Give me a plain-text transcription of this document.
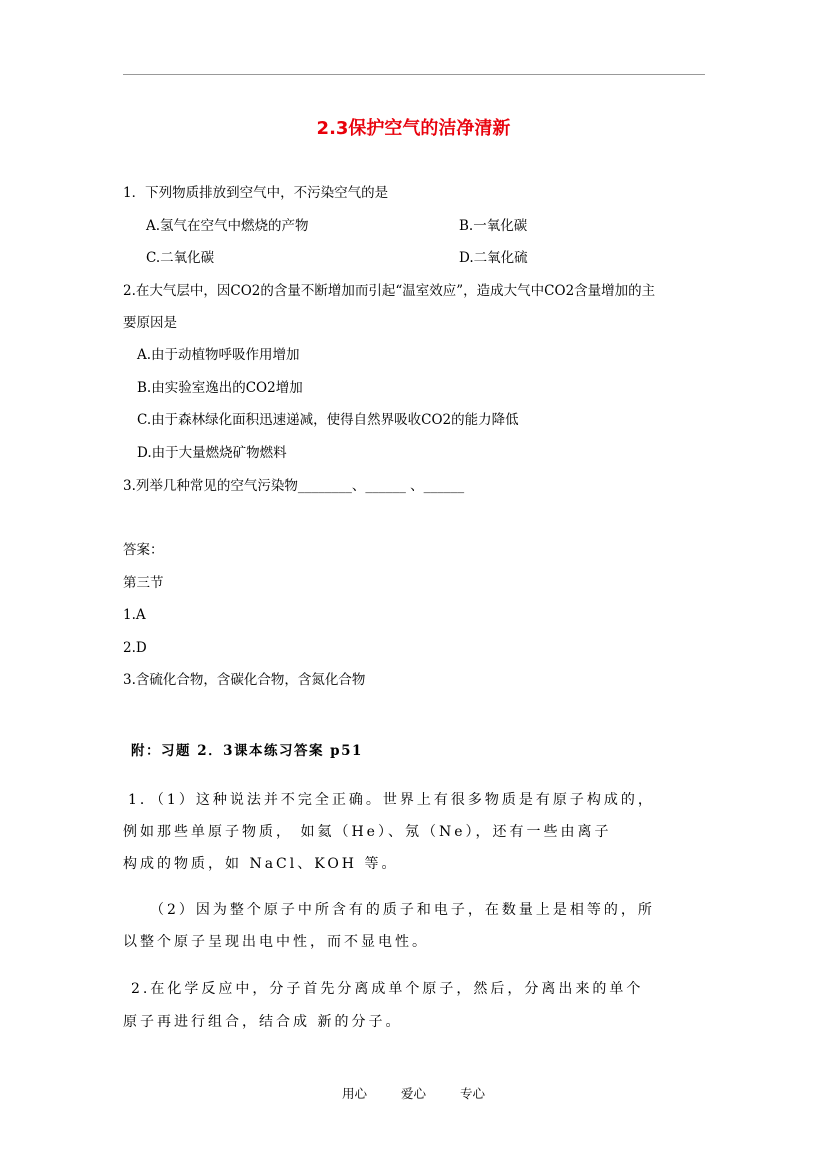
2.3保护空气的洁净清新
1．下列物质排放到空气中，不污染空气的是
A.氢气在空气中燃烧的产物	B.一氧化碳
C.二氧化碳	D.二氧化硫
2.在大气层中，因CO2的含量不断增加而引起“温室效应”，造成大气中CO2含量增加的主
要原因是
A.由于动植物呼吸作用增加
B.由实验室逸出的CO2增加
C.由于森林绿化面积迅速递减，使得自然界吸收CO2的能力降低
D.由于大量燃烧矿物燃料
3.列举几种常见的空气污染物________、______ 、______
答案：
第三节
1.A
2.D
3.含硫化合物，含碳化合物，含氮化合物
附：习题 2．3课本练习答案 p51
1．（1）这种说法并不完全正确。世界上有很多物质是有原子构成的，
例如那些单原子物质， 如氦（He）、氖（Ne），还有一些由离子
构成的物质，如 NaCl、KOH 等。
（2）因为整个原子中所含有的质子和电子，在数量上是相等的，所
以整个原子呈现出电中性，而不显电性。
2.在化学反应中，分子首先分离成单个原子，然后，分离出来的单个
原子再进行组合，结合成 新的分子。
用心	爱心	专心
